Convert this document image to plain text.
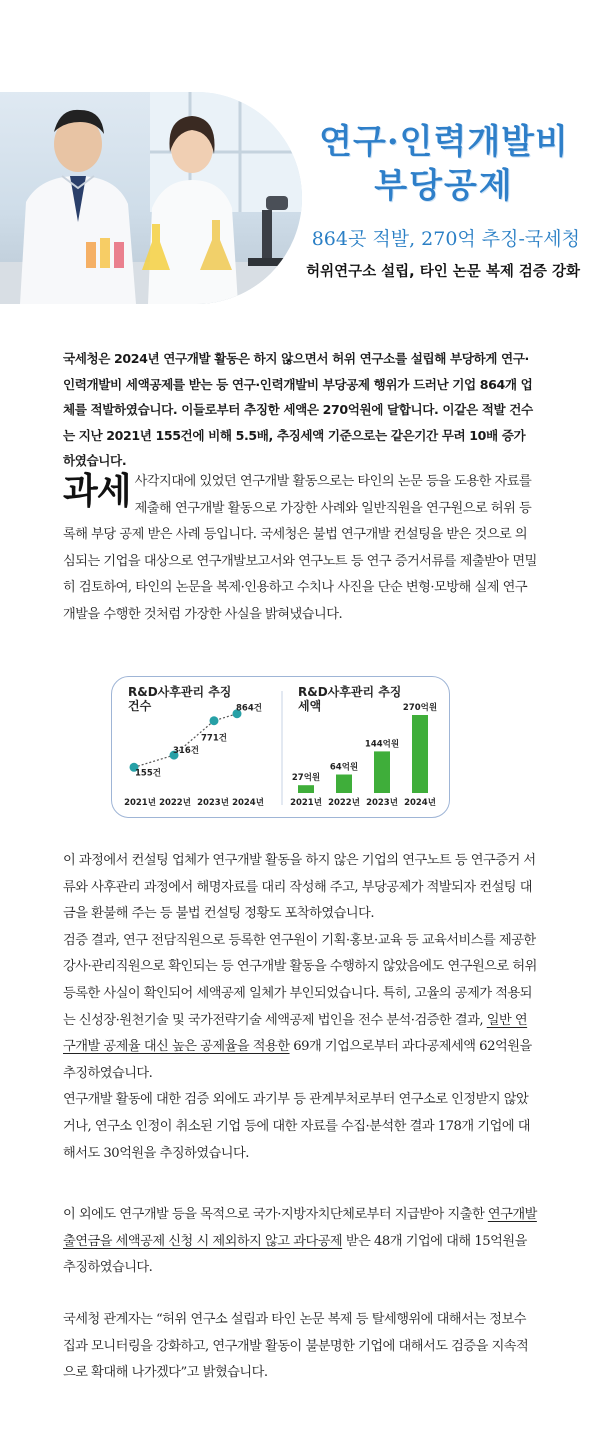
연구·인력개발비
부당공제
864곳 적발, 270억 추징-국세청
허위연구소 설립, 타인 논문 복제 검증 강화

국세청은 2024년 연구개발 활동은 하지 않으면서 허위 연구소를 설립해 부당하게 연구·인력개발비 세액공제를 받는 등 연구·인력개발비 부당공제 행위가 드러난 기업 864개 업체를 적발하였습니다. 이들로부터 추징한 세액은 270억원에 달합니다. 이같은 적발 건수는 지난 2021년 155건에 비해 5.5배, 추징세액 기준으로는 같은기간 무려 10배 증가하였습니다.

과세 사각지대에 있었던 연구개발 활동으로는 타인의 논문 등을 도용한 자료를 제출해 연구개발 활동으로 가장한 사례와 일반직원을 연구원으로 허위 등록해 부당 공제 받은 사례 등입니다. 국세청은 불법 연구개발 컨설팅을 받은 것으로 의심되는 기업을 대상으로 연구개발보고서와 연구노트 등 연구 증거서류를 제출받아 면밀히 검토하여, 타인의 논문을 복제·인용하고 수치나 사진을 단순 변형·모방해 실제 연구개발을 수행한 것처럼 가장한 사실을 밝혀냈습니다.
R&D사후관리 추징 건수
R&D사후관리 추징 세액
155건
316건
771건
864건
2021년 2022년 2023년 2024년
27억원
2021년
64억원
2022년
144억원
2023년
270억원
2024년
이 과정에서 컨설팅 업체가 연구개발 활동을 하지 않은 기업의 연구노트 등 연구증거 서류와 사후관리 과정에서 해명자료를 대리 작성해 주고, 부당공제가 적발되자 컨설팅 대금을 환불해 주는 등 불법 컨설팅 정황도 포착하였습니다.
검증 결과, 연구 전담직원으로 등록한 연구원이 기획·홍보·교육 등 교육서비스를 제공한 강사·관리직원으로 확인되는 등 연구개발 활동을 수행하지 않았음에도 연구원으로 허위 등록한 사실이 확인되어 세액공제 일체가 부인되었습니다. 특히, 고율의 공제가 적용되는 신성장·원천기술 및 국가전략기술 세액공제 법인을 전수 분석·검증한 결과, 일반 연구개발 공제율 대신 높은 공제율을 적용한 69개 기업으로부터 과다공제세액 62억원을 추징하였습니다.
연구개발 활동에 대한 검증 외에도 과기부 등 관계부처로부터 연구소로 인정받지 않았거나, 연구소 인정이 취소된 기업 등에 대한 자료를 수집·분석한 결과 178개 기업에 대해서도 30억원을 추징하였습니다.
이 외에도 연구개발 등을 목적으로 국가·지방자치단체로부터 지급받아 지출한 연구개발출연금을 세액공제 신청 시 제외하지 않고 과다공제 받은 48개 기업에 대해 15억원을 추징하였습니다.
국세청 관계자는 “허위 연구소 설립과 타인 논문 복제 등 탈세행위에 대해서는 정보수집과 모니터링을 강화하고, 연구개발 활동이 불분명한 기업에 대해서도 검증을 지속적으로 확대해 나가겠다”고 밝혔습니다.
